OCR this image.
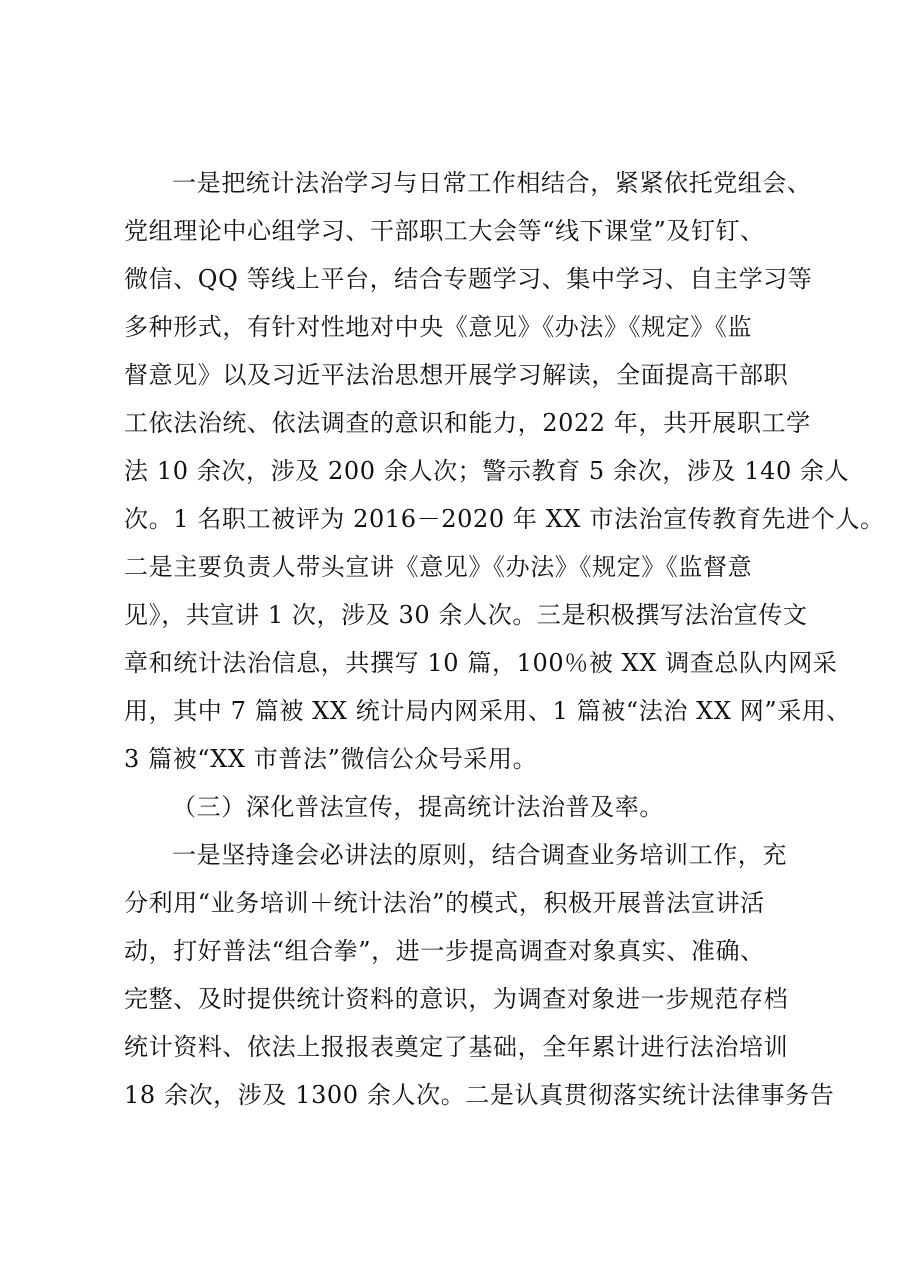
一是把统计法治学习与日常工作相结合，紧紧依托党组会、
党组理论中心组学习、干部职工大会等“线下课堂”及钉钉、
微信、QQ 等线上平台，结合专题学习、集中学习、自主学习等
多种形式，有针对性地对中央《意见》《办法》《规定》《监
督意见》以及习近平法治思想开展学习解读，全面提高干部职
工依法治统、依法调查的意识和能力，2022 年，共开展职工学
法 10 余次，涉及 200 余人次；警示教育 5 余次，涉及 140 余人
次。1 名职工被评为 2016－2020 年 XX 市法治宣传教育先进个人。
二是主要负责人带头宣讲《意见》《办法》《规定》《监督意
见》，共宣讲 1 次，涉及 30 余人次。三是积极撰写法治宣传文
章和统计法治信息，共撰写 10 篇，100％被 XX 调查总队内网采
用，其中 7 篇被 XX 统计局内网采用、1 篇被“法治 XX 网”采用、
3 篇被“XX 市普法”微信公众号采用。
（三）深化普法宣传，提高统计法治普及率。
一是坚持逢会必讲法的原则，结合调查业务培训工作，充
分利用“业务培训＋统计法治”的模式，积极开展普法宣讲活
动，打好普法“组合拳”，进一步提高调查对象真实、准确、
完整、及时提供统计资料的意识，为调查对象进一步规范存档
统计资料、依法上报报表奠定了基础，全年累计进行法治培训
18 余次，涉及 1300 余人次。二是认真贯彻落实统计法律事务告
